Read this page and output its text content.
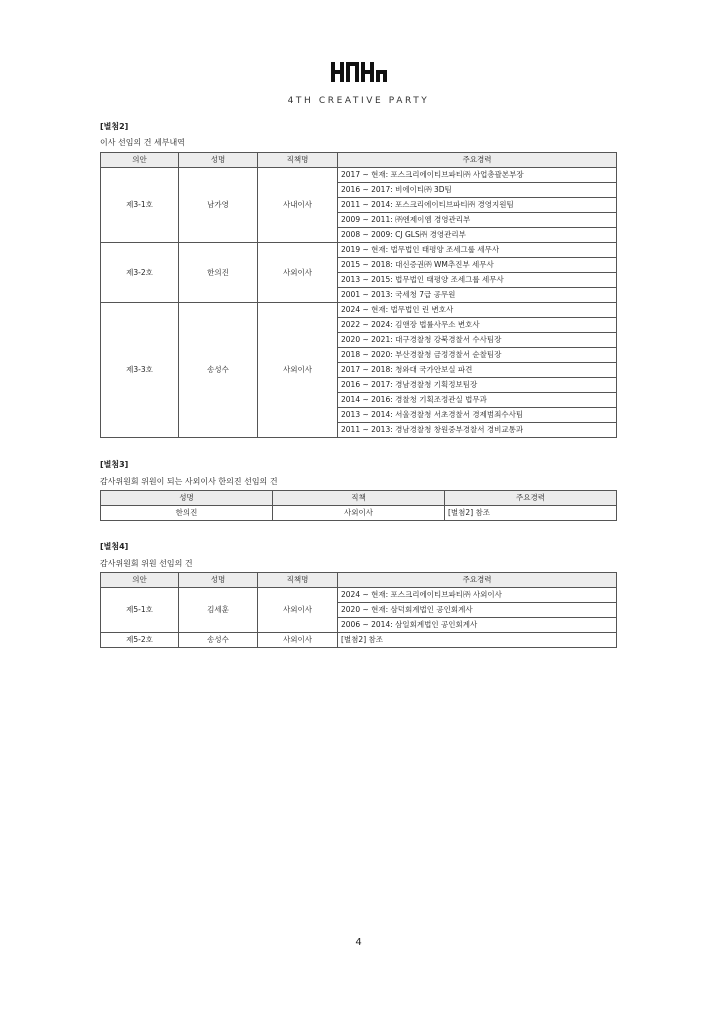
4TH CREATIVE PARTY
[별첨2]
이사 선임의 건 세부내역
의안	성명	직책명	주요경력
제3-1호	남가영	사내이사	2017 ~ 현재: 포스크리에이티브파티㈜ 사업총괄본부장
			2016 ~ 2017: 비에이티㈜ 3D팀
			2011 ~ 2014: 포스크리에이티브파티㈜ 경영지원팀
			2009 ~ 2011: ㈜엔제이엠 경영관리부
			2008 ~ 2009: CJ GLS㈜ 경영관리부
제3-2호	한의진	사외이사	2019 ~ 현재: 법무법인 태평양 조세그룹 세무사
			2015 ~ 2018: 대신증권㈜ WM추진부 세무사
			2013 ~ 2015: 법무법인 태평양 조세그룹 세무사
			2001 ~ 2013: 국세청 7급 공무원
제3-3호	송성수	사외이사	2024 ~ 현재: 법무법인 린 변호사
			2022 ~ 2024: 김앤장 법률사무소 변호사
			2020 ~ 2021: 대구경찰청 강북경찰서 수사팀장
			2018 ~ 2020: 부산경찰청 금정경찰서 순찰팀장
			2017 ~ 2018: 청와대 국가안보실 파견
			2016 ~ 2017: 경남경찰청 기획정보팀장
			2014 ~ 2016: 경찰청 기획조정관실 법무과
			2013 ~ 2014: 서울경찰청 서초경찰서 경제범죄수사팀
			2011 ~ 2013: 경남경찰청 창원중부경찰서 경비교통과
[별첨3]
감사위원회 위원이 되는 사외이사 한의진 선임의 건
성명	직책	주요경력
한의진	사외이사	[별첨2] 참조
[별첨4]
감사위원회 위원 선임의 건
의안	성명	직책명	주요경력
제5-1호	김세훈	사외이사	2024 ~ 현재: 포스크리에이티브파티㈜ 사외이사
			2020 ~ 현재: 삼덕회계법인 공인회계사
			2006 ~ 2014: 삼일회계법인 공인회계사
제5-2호	송성수	사외이사	[별첨2] 참조
4
